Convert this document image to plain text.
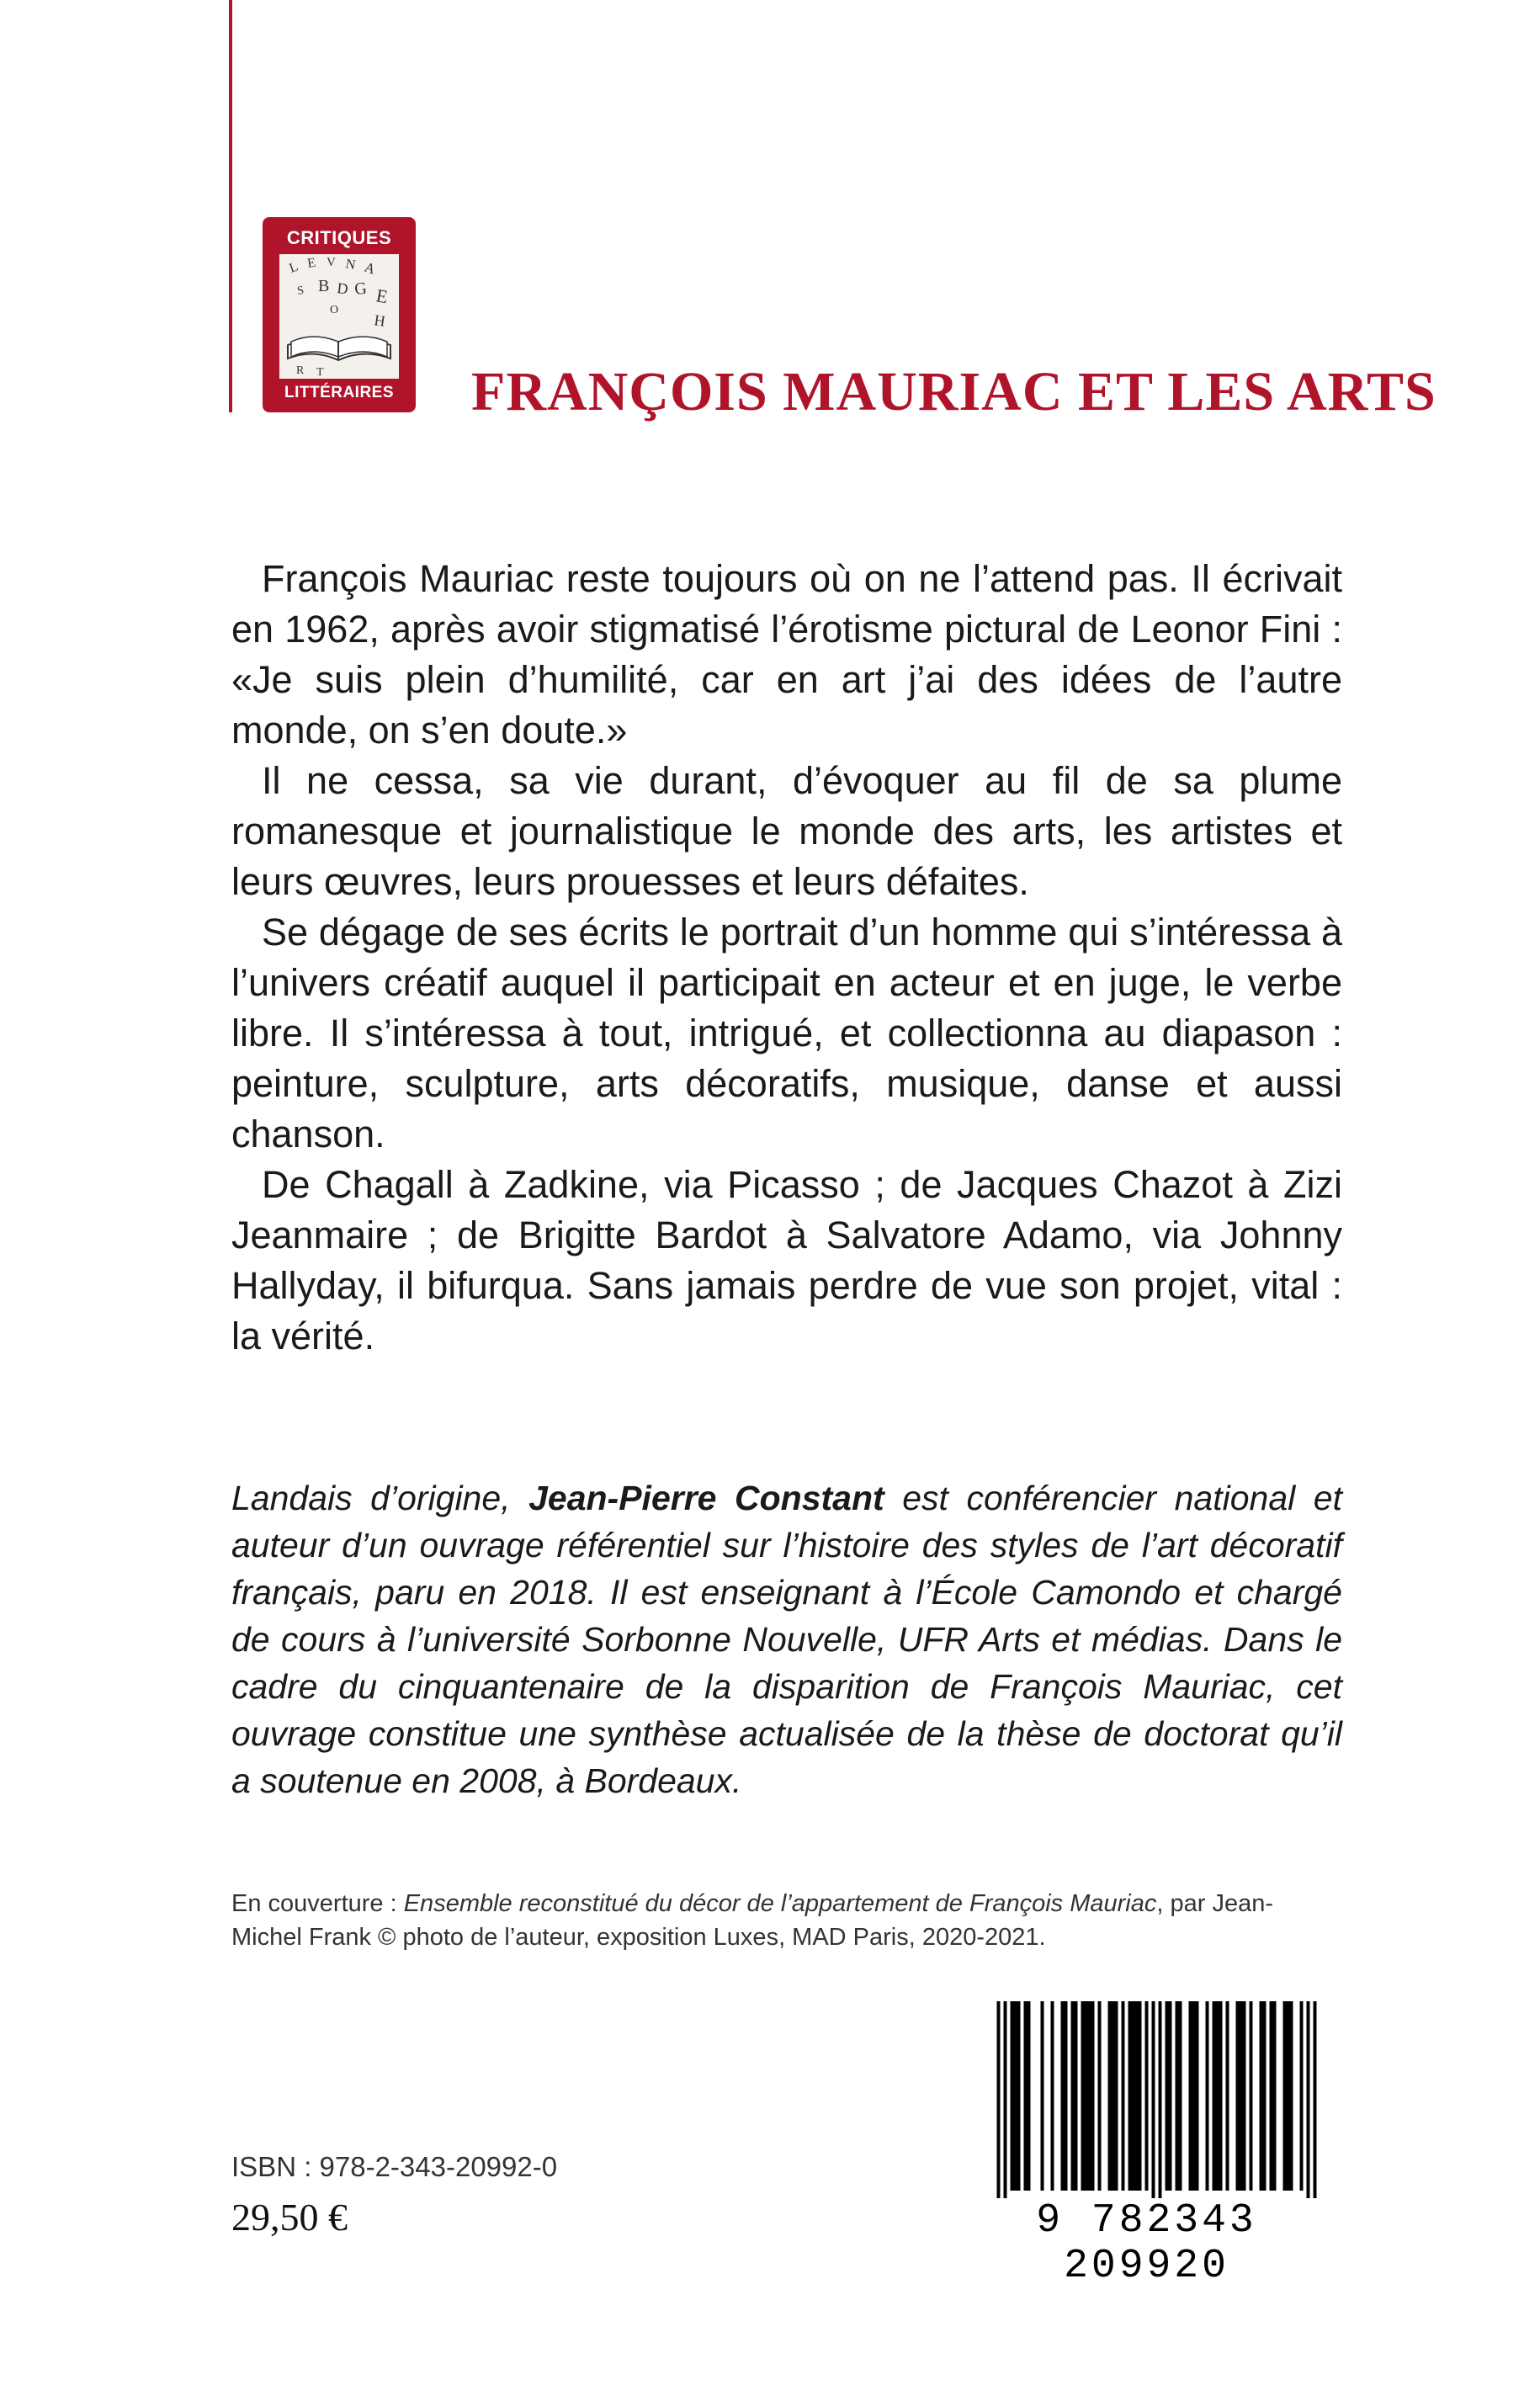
CRITIQUES
L E V N A
S B D G E
O
H
R T
LITTÉRAIRES	FRANÇOIS MAURIAC ET LES ARTS

François Mauriac reste toujours où on ne l’attend pas. Il écrivait en 1962, après avoir stigmatisé l’érotisme pictural de Leonor Fini : «Je suis plein d’humilité, car en art j’ai des idées de l’autre monde, on s’en doute.»

Il ne cessa, sa vie durant, d’évoquer au fil de sa plume romanesque et journalistique le monde des arts, les artistes et leurs œuvres, leurs prouesses et leurs défaites.

Se dégage de ses écrits le portrait d’un homme qui s’intéressa à l’univers créatif auquel il participait en acteur et en juge, le verbe libre. Il s’intéressa à tout, intrigué, et collectionna au diapason : peinture, sculpture, arts décoratifs, musique, danse et aussi chanson.

De Chagall à Zadkine, via Picasso ; de Jacques Chazot à Zizi Jeanmaire ; de Brigitte Bardot à Salvatore Adamo, via Johnny Hallyday, il bifurqua. Sans jamais perdre de vue son projet, vital : la vérité.

Landais d’origine, Jean-Pierre Constant est conférencier national et auteur d’un ouvrage référentiel sur l’histoire des styles de l’art décoratif français, paru en 2018. Il est enseignant à l’École Camondo et chargé de cours à l’université Sorbonne Nouvelle, UFR Arts et médias. Dans le cadre du cinquantenaire de la disparition de François Mauriac, cet ouvrage constitue une synthèse actualisée de la thèse de doctorat qu’il a soutenue en 2008, à Bordeaux.

En couverture : Ensemble reconstitué du décor de l’appartement de François Mauriac, par Jean-Michel Frank © photo de l’auteur, exposition Luxes, MAD Paris, 2020-2021.

ISBN : 978-2-343-20992-0
29,50 €	9 782343 209920
